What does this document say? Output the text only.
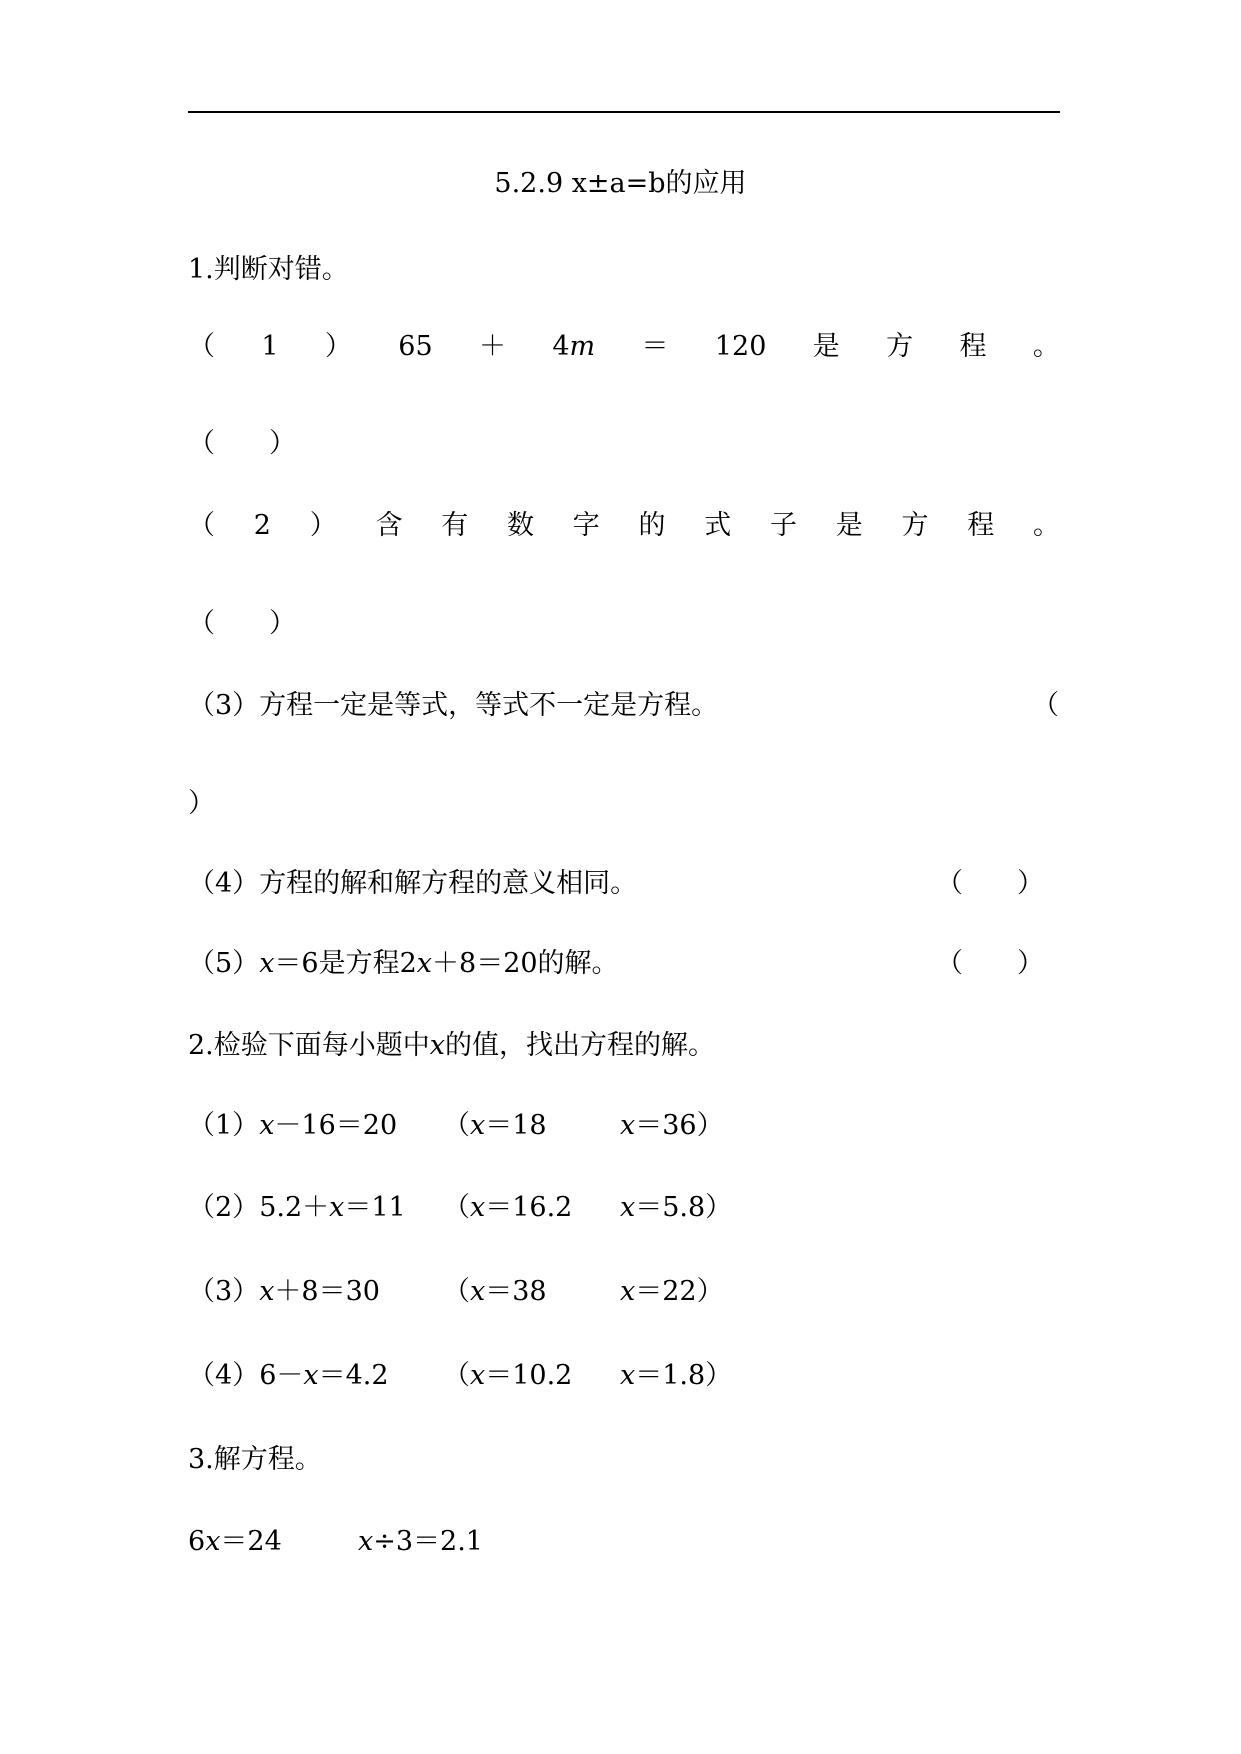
5.2.9 x±a=b的应用
1.判断对错。
（ 1 ） 65 ＋ 4m ＝ 120 是 方 程 。
（　　）
（ 2 ） 含 有 数 字 的 式 子 是 方 程 。
（　　）
（3）方程一定是等式，等式不一定是方程。	（
）
（4）方程的解和解方程的意义相同。	（　　）
（5）x＝6是方程2x＋8＝20的解。	（　　）
2.检验下面每小题中x的值，找出方程的解。
（1）x－16＝20 （x＝18	x＝36）
（2）5.2＋x＝11 （x＝16.2 x＝5.8）
（3）x＋8＝30 （x＝38	x＝22）
（4）6－x＝4.2 （x＝10.2 x＝1.8）
3.解方程。
6x＝24	x÷3＝2.1
